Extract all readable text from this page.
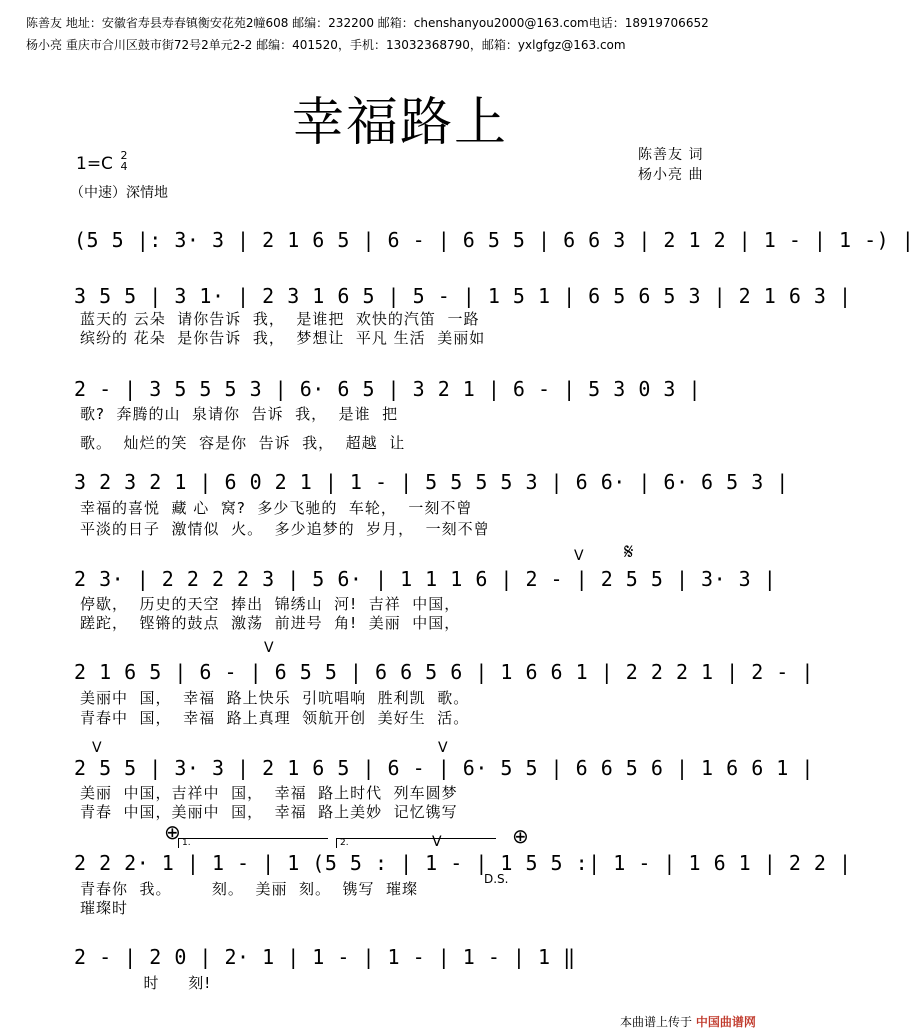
陈善友 地址：安徽省寿县寿春镇衡安花苑2幢608 邮编：232200 邮箱：chenshanyou2000@163.com电话：18919706652
杨小亮 重庆市合川区鼓市街72号2单元2-2 邮编：401520，手机：13032368790，邮箱：yxlgfgz@163.com
幸福路上
1=C 2
4
（中速）深情地
陈善友 词
杨小亮 曲
(5 5 |: 3· 3 | 2 1 6 5 | 6 - | 6 5 5 | 6 6 3 | 2 1 2 | 1 - | 1 -) |
3 5 5 | 3 1· | 2 3 1 6 5 | 5 - | 1 5 1 | 6 5 6 5 3 | 2 1 6 3 |
蓝天的 云朵  请你告诉  我，  是谁把  欢快的汽笛  一路
缤纷的 花朵  是你告诉  我，  梦想让  平凡 生活  美丽如
2 - | 3 5 5 5 3 | 6· 6 5 | 3 2 1 | 6 - | 5 3 0 3 |
歌?  奔腾的山  泉请你  告诉  我，  是谁  把
歌。  灿烂的笑  容是你  告诉  我，  超越  让
3 2 3 2 1 | 6 0 2 1 | 1 - | 5 5 5 5 3 | 6 6· | 6· 6 5 3 |
幸福的喜悦  藏 心  窝?  多少飞驰的  车轮，  一刻不曾
平淡的日子  激情似  火。  多少追梦的  岁月，  一刻不曾
2 3· | 2 2 2 2 3 | 5 6· | 1 1 1 6 | 2 - | 2 5 5 | 3· 3 |
停歇，  历史的天空  捧出  锦绣山  河!  吉祥  中国，
蹉跎，  铿锵的鼓点  激荡  前进号  角!  美丽  中国，
2 1 6 5 | 6 - | 6 5 5 | 6 6 5 6 | 1 6 6 1 | 2 2 2 1 | 2 - |
美丽中  国，  幸福  路上快乐  引吭唱响  胜利凯  歌。
青春中  国，  幸福  路上真理  领航开创  美好生  活。
2 5 5 | 3· 3 | 2 1 6 5 | 6 - | 6· 5 5 | 6 6 5 6 | 1 6 6 1 |
美丽  中国，吉祥中  国，  幸福  路上时代  列车圆梦
青春  中国，美丽中  国，  幸福  路上美妙  记忆镌写
2 2 2· 1 | 1 - | 1 (5 5 : | 1 - | 1 5 5 :| 1 - | 1 6 1 | 2 2 |
青春你  我。       刻。  美丽  刻。  镌写  璀璨
璀璨时
2 - | 2 0 | 2· 1 | 1 - | 1 - | 1 - | 1 ‖
时     刻!
V 𝄋
V
V	V
V
⊕	⊕
1.	2.
D.S.
本曲谱上传于 中国曲谱网
